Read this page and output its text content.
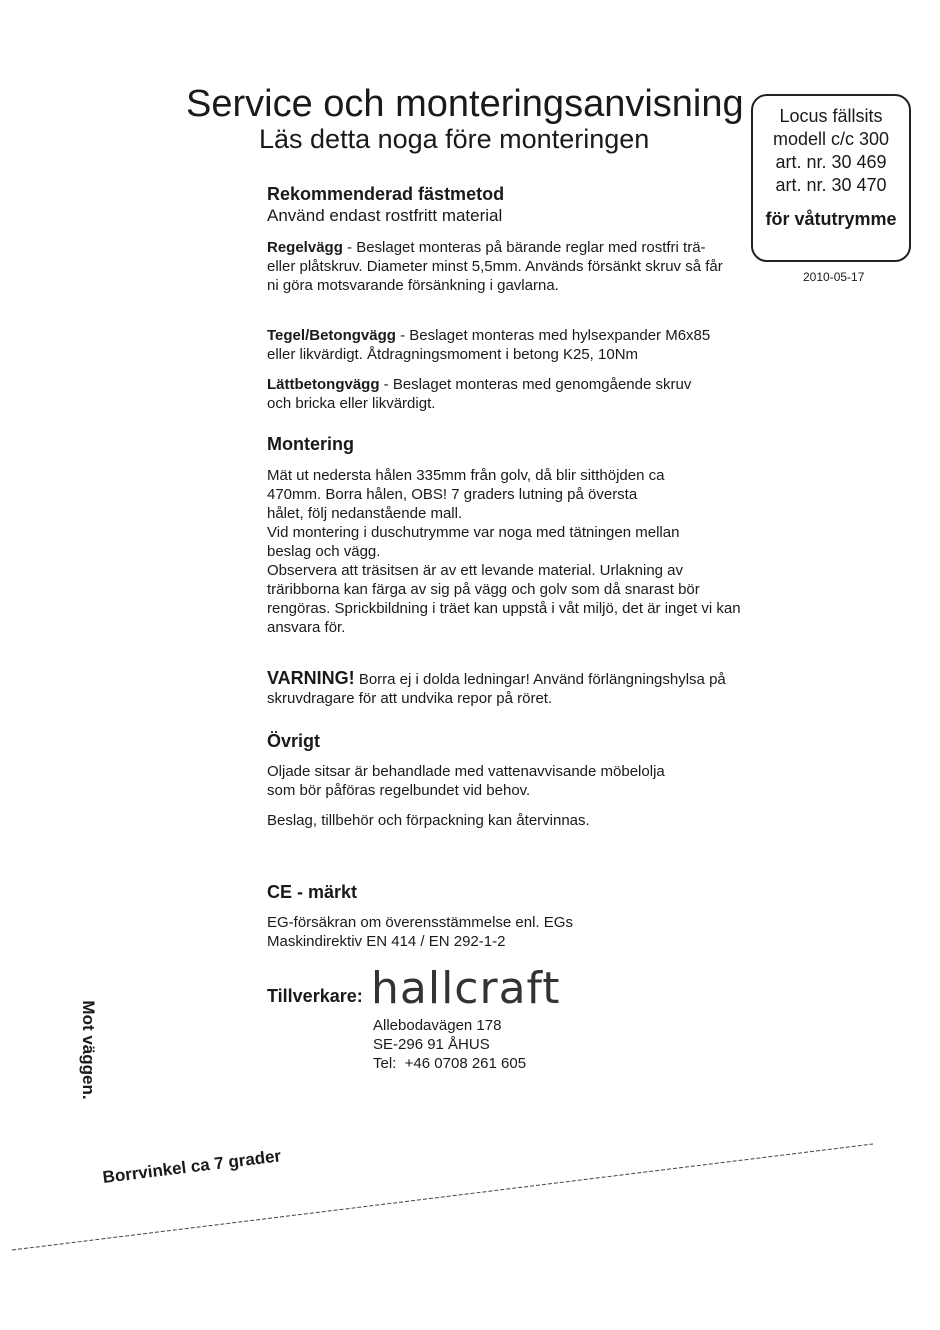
Service och monteringsanvisning
Läs detta noga före monteringen
Locus fällsits
modell c/c 300
art. nr. 30 469
art. nr. 30 470
för våtutrymme
2010-05-17
Rekommenderad fästmetod
Använd endast rostfritt material
Regelvägg - Beslaget monteras på bärande reglar med rostfri trä- eller plåtskruv. Diameter minst 5,5mm. Används försänkt skruv så får ni göra motsvarande försänkning i gavlarna.
Tegel/Betongvägg - Beslaget monteras med hylsexpander M6x85 eller likvärdigt. Åtdragningsmoment i betong K25, 10Nm
Lättbetongvägg - Beslaget monteras med genomgående skruv och bricka eller likvärdigt.
Montering
Mät ut nedersta hålen 335mm från golv, då blir sitthöjden ca 470mm. Borra hålen, OBS! 7 graders lutning på översta hålet, följ nedanstående mall.
Vid montering i duschutrymme var noga med tätningen mellan beslag och vägg.
Observera att träsitsen är av ett levande material. Urlakning av träribborna kan färga av sig på vägg och golv som då snarast bör rengöras. Sprickbildning i träet kan uppstå i våt miljö, det är inget vi kan ansvara för.
VARNING! Borra ej i dolda ledningar! Använd förlängningshylsa på skruvdragare för att undvika repor på röret.
Övrigt
Oljade sitsar är behandlade med vattenavvisande möbelolja som bör påföras regelbundet vid behov.
Beslag, tillbehör och förpackning kan återvinnas.
CE - märkt
EG-försäkran om överensstämmelse enl. EGs
Maskindirektiv EN 414 / EN 292-1-2
Tillverkare: hallcraft
Allebodavägen 178
SE-296 91 ÅHUS
Tel:  +46 0708 261 605
Mot väggen.
Borrvinkel ca 7 grader
